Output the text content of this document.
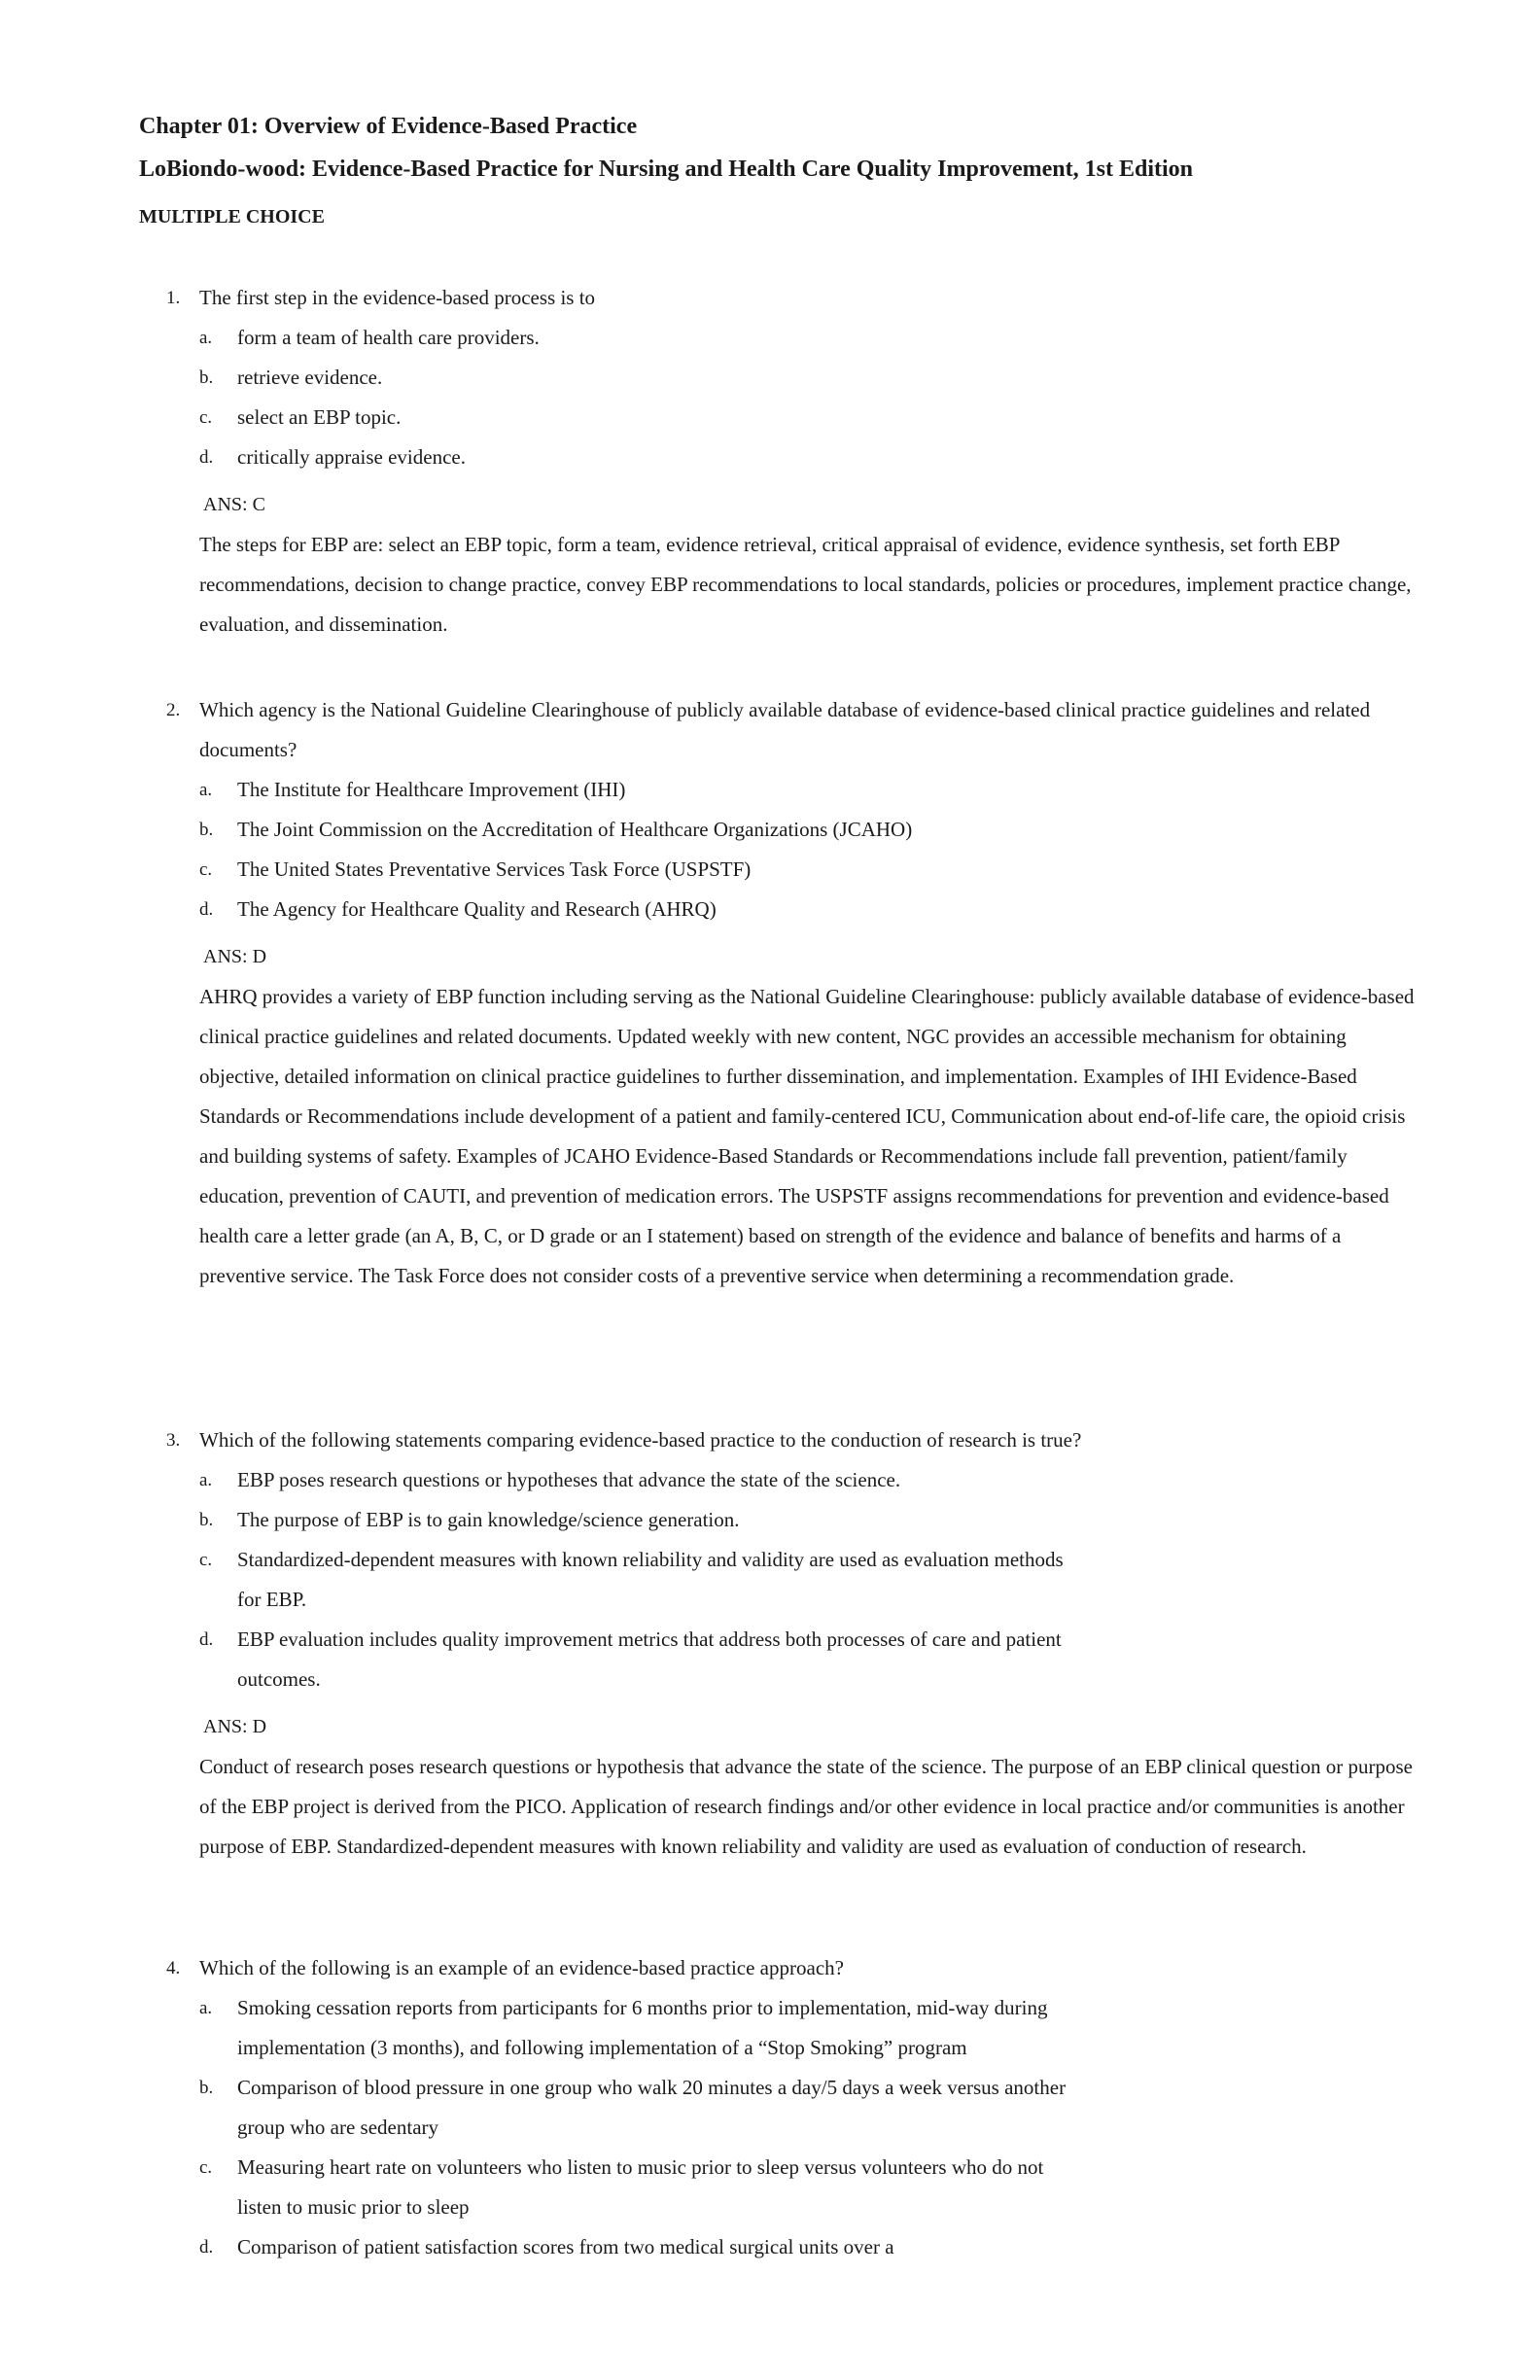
Chapter 01: Overview of Evidence-Based Practice
LoBiondo-wood: Evidence-Based Practice for Nursing and Health Care Quality Improvement, 1st Edition
MULTIPLE CHOICE
1. The first step in the evidence-based process is to
a. form a team of health care providers.
b. retrieve evidence.
c. select an EBP topic.
d. critically appraise evidence.
ANS: C
The steps for EBP are: select an EBP topic, form a team, evidence retrieval, critical appraisal of evidence, evidence synthesis, set forth EBP recommendations, decision to change practice, convey EBP recommendations to local standards, policies or procedures, implement practice change, evaluation, and dissemination.
2. Which agency is the National Guideline Clearinghouse of publicly available database of evidence-based clinical practice guidelines and related documents?
a. The Institute for Healthcare Improvement (IHI)
b. The Joint Commission on the Accreditation of Healthcare Organizations (JCAHO)
c. The United States Preventative Services Task Force (USPSTF)
d. The Agency for Healthcare Quality and Research (AHRQ)
ANS: D
AHRQ provides a variety of EBP function including serving as the National Guideline Clearinghouse: publicly available database of evidence-based clinical practice guidelines and related documents. Updated weekly with new content, NGC provides an accessible mechanism for obtaining objective, detailed information on clinical practice guidelines to further dissemination, and implementation. Examples of IHI Evidence-Based Standards or Recommendations include development of a patient and family-centered ICU, Communication about end-of-life care, the opioid crisis and building systems of safety. Examples of JCAHO Evidence-Based Standards or Recommendations include fall prevention, patient/family education, prevention of CAUTI, and prevention of medication errors. The USPSTF assigns recommendations for prevention and evidence-based health care a letter grade (an A, B, C, or D grade or an I statement) based on strength of the evidence and balance of benefits and harms of a preventive service. The Task Force does not consider costs of a preventive service when determining a recommendation grade.
3. Which of the following statements comparing evidence-based practice to the conduction of research is true?
a. EBP poses research questions or hypotheses that advance the state of the science.
b. The purpose of EBP is to gain knowledge/science generation.
c. Standardized-dependent measures with known reliability and validity are used as evaluation methods for EBP.
d. EBP evaluation includes quality improvement metrics that address both processes of care and patient outcomes.
ANS: D
Conduct of research poses research questions or hypothesis that advance the state of the science. The purpose of an EBP clinical question or purpose of the EBP project is derived from the PICO. Application of research findings and/or other evidence in local practice and/or communities is another purpose of EBP. Standardized-dependent measures with known reliability and validity are used as evaluation of conduction of research.
4. Which of the following is an example of an evidence-based practice approach?
a. Smoking cessation reports from participants for 6 months prior to implementation, mid-way during implementation (3 months), and following implementation of a “Stop Smoking” program
b. Comparison of blood pressure in one group who walk 20 minutes a day/5 days a week versus another group who are sedentary
c. Measuring heart rate on volunteers who listen to music prior to sleep versus volunteers who do not listen to music prior to sleep
d. Comparison of patient satisfaction scores from two medical surgical units over a
